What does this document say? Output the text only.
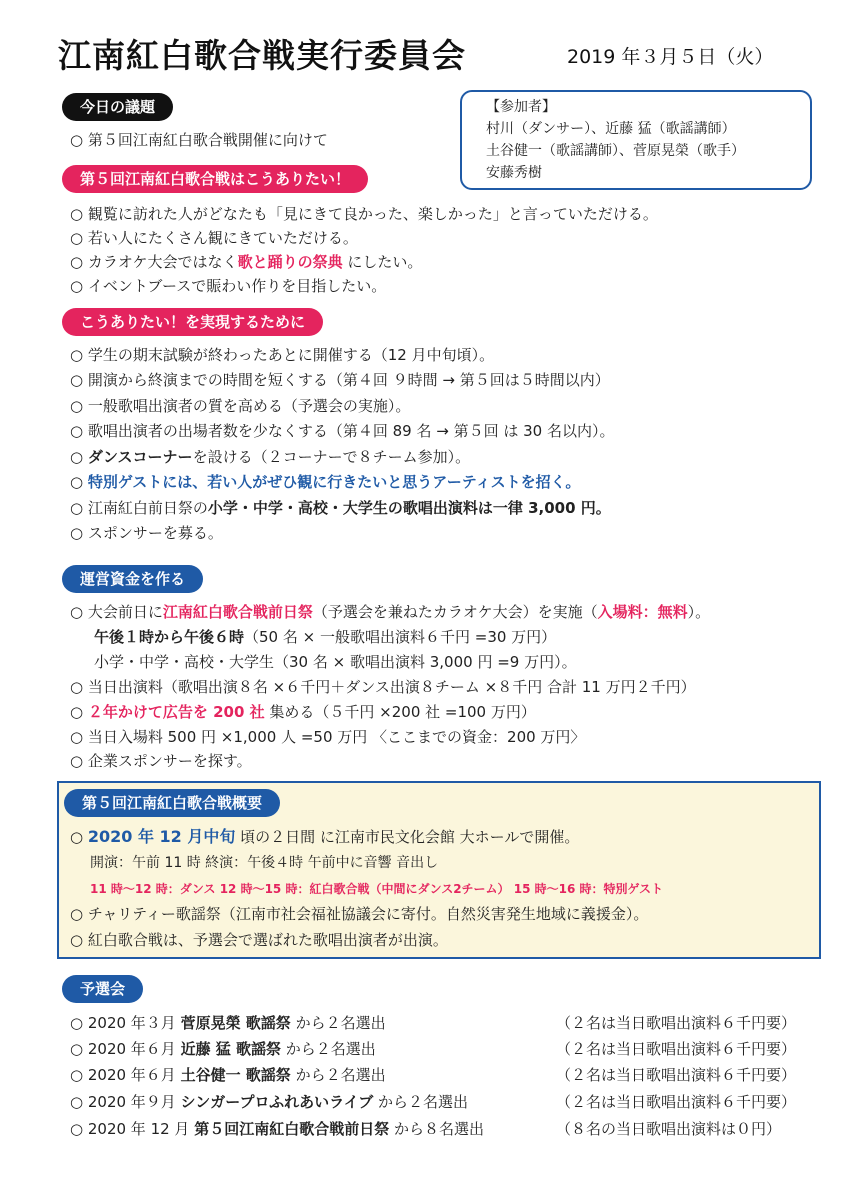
江南紅白歌合戦実行委員会	2019 年３月５日（火）
【参加者】
村川（ダンサー）、近藤 猛（歌謡講師）
土谷健一（歌謡講師）、菅原晃榮（歌手）
安藤秀樹
今日の議題
○ 第５回江南紅白歌合戦開催に向けて
第５回江南紅白歌合戦はこうありたい！
○ 観覧に訪れた人がどなたも「見にきて良かった、楽しかった」と言っていただける。
○ 若い人にたくさん観にきていただける。
○ カラオケ大会ではなく歌と踊りの祭典 にしたい。
○ イベントブースで賑わい作りを目指したい。
こうありたい！を実現するために
○ 学生の期末試験が終わったあとに開催する（12 月中旬頃）。
○ 開演から終演までの時間を短くする（第４回 ９時間 → 第５回は５時間以内）
○ 一般歌唱出演者の質を高める（予選会の実施）。
○ 歌唱出演者の出場者数を少なくする（第４回 89 名 → 第５回 は 30 名以内）。
○ ダンスコーナーを設ける（２コーナーで８チーム参加）。
○ 特別ゲストには、若い人がぜひ観に行きたいと思うアーティストを招く。
○ 江南紅白前日祭の小学・中学・高校・大学生の歌唱出演料は一律 3,000 円。
○ スポンサーを募る。
運営資金を作る
○ 大会前日に江南紅白歌合戦前日祭（予選会を兼ねたカラオケ大会）を実施（入場料：無料）。
午後１時から午後６時（50 名 × 一般歌唱出演料６千円 =30 万円）
小学・中学・高校・大学生（30 名 × 歌唱出演料 3,000 円 =9 万円）。
○ 当日出演料（歌唱出演８名 ×６千円＋ダンス出演８チーム ×８千円 合計 11 万円２千円）
○ ２年かけて広告を 200 社 集める（５千円 ×200 社 =100 万円）
○ 当日入場料 500 円 ×1,000 人 =50 万円 〈ここまでの資金：200 万円〉
○ 企業スポンサーを探す。
第５回江南紅白歌合戦概要
○ 2020 年 12 月中旬 頃の２日間 に江南市民文化会館 大ホールで開催。
開演：午前 11 時 終演：午後４時 午前中に音響 音出し
11 時〜12 時：ダンス 12 時〜15 時：紅白歌合戦（中間にダンス2チーム） 15 時〜16 時：特別ゲスト
○ チャリティー歌謡祭（江南市社会福祉協議会に寄付。自然災害発生地域に義援金）。
○ 紅白歌合戦は、予選会で選ばれた歌唱出演者が出演。
予選会
○ 2020 年３月 菅原晃榮 歌謡祭 から２名選出	（２名は当日歌唱出演料６千円要）
○ 2020 年６月 近藤 猛 歌謡祭 から２名選出	（２名は当日歌唱出演料６千円要）
○ 2020 年６月 土谷健一 歌謡祭 から２名選出	（２名は当日歌唱出演料６千円要）
○ 2020 年９月 シンガープロふれあいライブ から２名選出	（２名は当日歌唱出演料６千円要）
○ 2020 年 12 月 第５回江南紅白歌合戦前日祭 から８名選出	（８名の当日歌唱出演料は０円）
